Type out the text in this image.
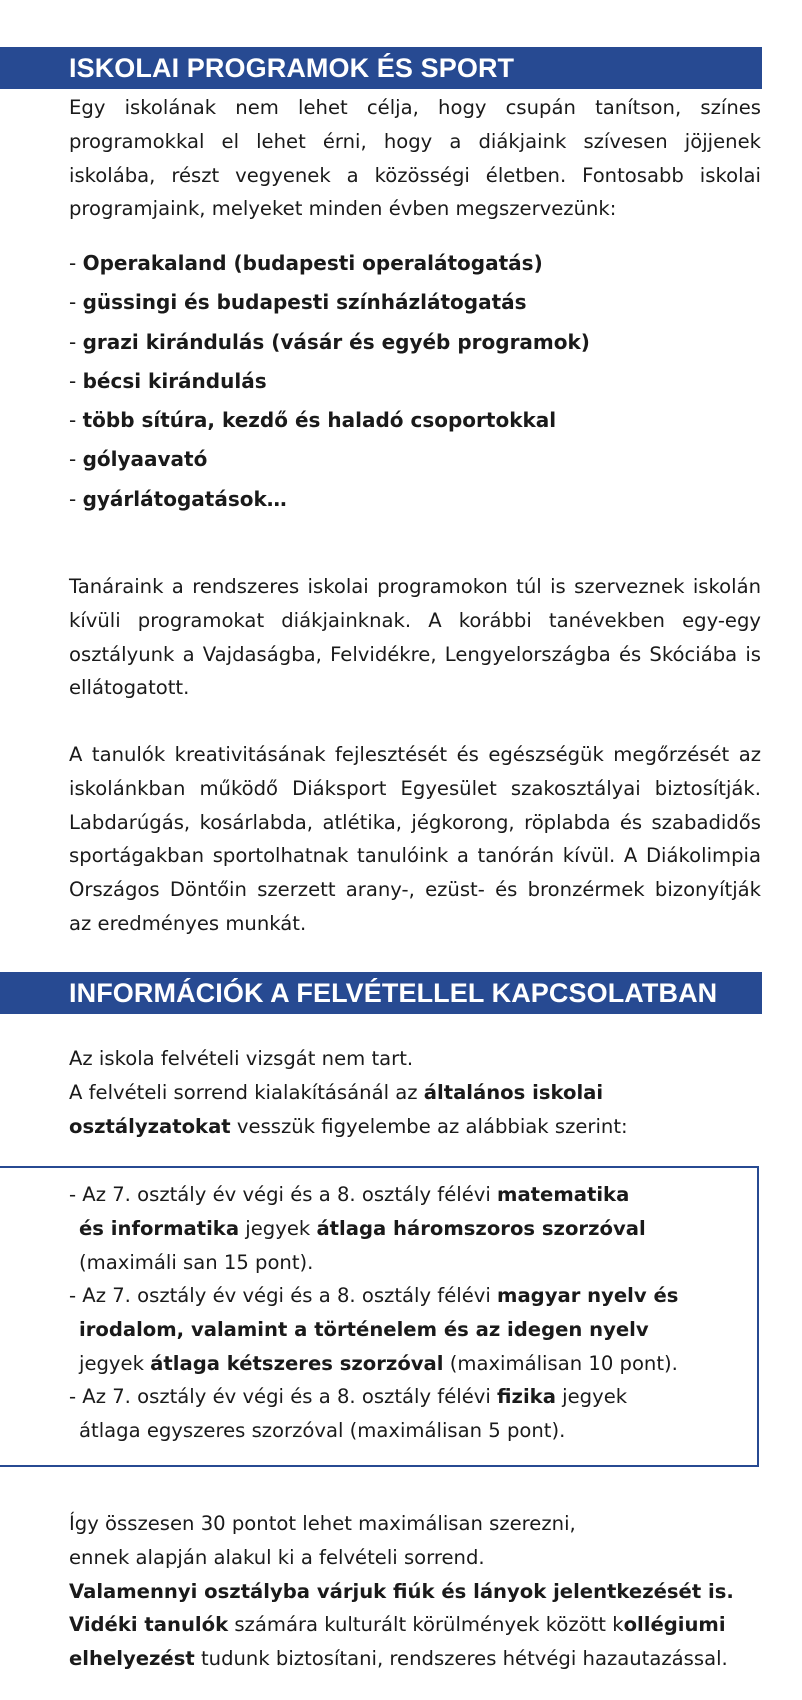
ISKOLAI PROGRAMOK ÉS SPORT

Egy iskolának nem lehet célja, hogy csupán tanítson, színes programokkal el lehet érni, hogy a diákjaink szívesen jöjjenek iskolába, részt vegyenek a közösségi életben. Fontosabb iskolai programjaink, melyeket minden évben megszervezünk:

- Operakaland (budapesti operalátogatás)
- güssingi és budapesti színházlátogatás
- grazi kirándulás (vásár és egyéb programok)
- bécsi kirándulás
- több sítúra, kezdő és haladó csoportokkal
- gólyaavató
- gyárlátogatások…

Tanáraink a rendszeres iskolai programokon túl is szerveznek iskolán kívüli programokat diákjainknak. A korábbi tanévekben egy-egy osztályunk a Vajdaságba, Felvidékre, Lengyelországba és Skóciába is ellátogatott.

A tanulók kreativitásának fejlesztését és egészségük megőrzését az iskolánkban működő Diáksport Egyesület szakosztályai biztosítják. Labdarúgás, kosárlabda, atlétika, jégkorong, röplabda és szabadidős sportágakban sportolhatnak tanulóink a tanórán kívül. A Diákolimpia Országos Döntőin szerzett arany-, ezüst- és bronzérmek bizonyítják az eredményes munkát.

INFORMÁCIÓK A FELVÉTELLEL KAPCSOLATBAN

Az iskola felvételi vizsgát nem tart.
A felvételi sorrend kialakításánál az általános iskolai
osztályzatokat vesszük figyelembe az alábbiak szerint:

- Az 7. osztály év végi és a 8. osztály félévi matematika
és informatika jegyek átlaga háromszoros szorzóval
(maximáli san 15 pont).

- Az 7. osztály év végi és a 8. osztály félévi magyar nyelv és
irodalom, valamint a történelem és az idegen nyelv
jegyek átlaga kétszeres szorzóval (maximálisan 10 pont).

- Az 7. osztály év végi és a 8. osztály félévi fizika jegyek
átlaga egyszeres szorzóval (maximálisan 5 pont).

Így összesen 30 pontot lehet maximálisan szerezni,
ennek alapján alakul ki a felvételi sorrend.
Valamennyi osztályba várjuk fiúk és lányok jelentkezését is.
Vidéki tanulók számára kulturált körülmények között kollégiumi
elhelyezést tudunk biztosítani, rendszeres hétvégi hazautazással.
